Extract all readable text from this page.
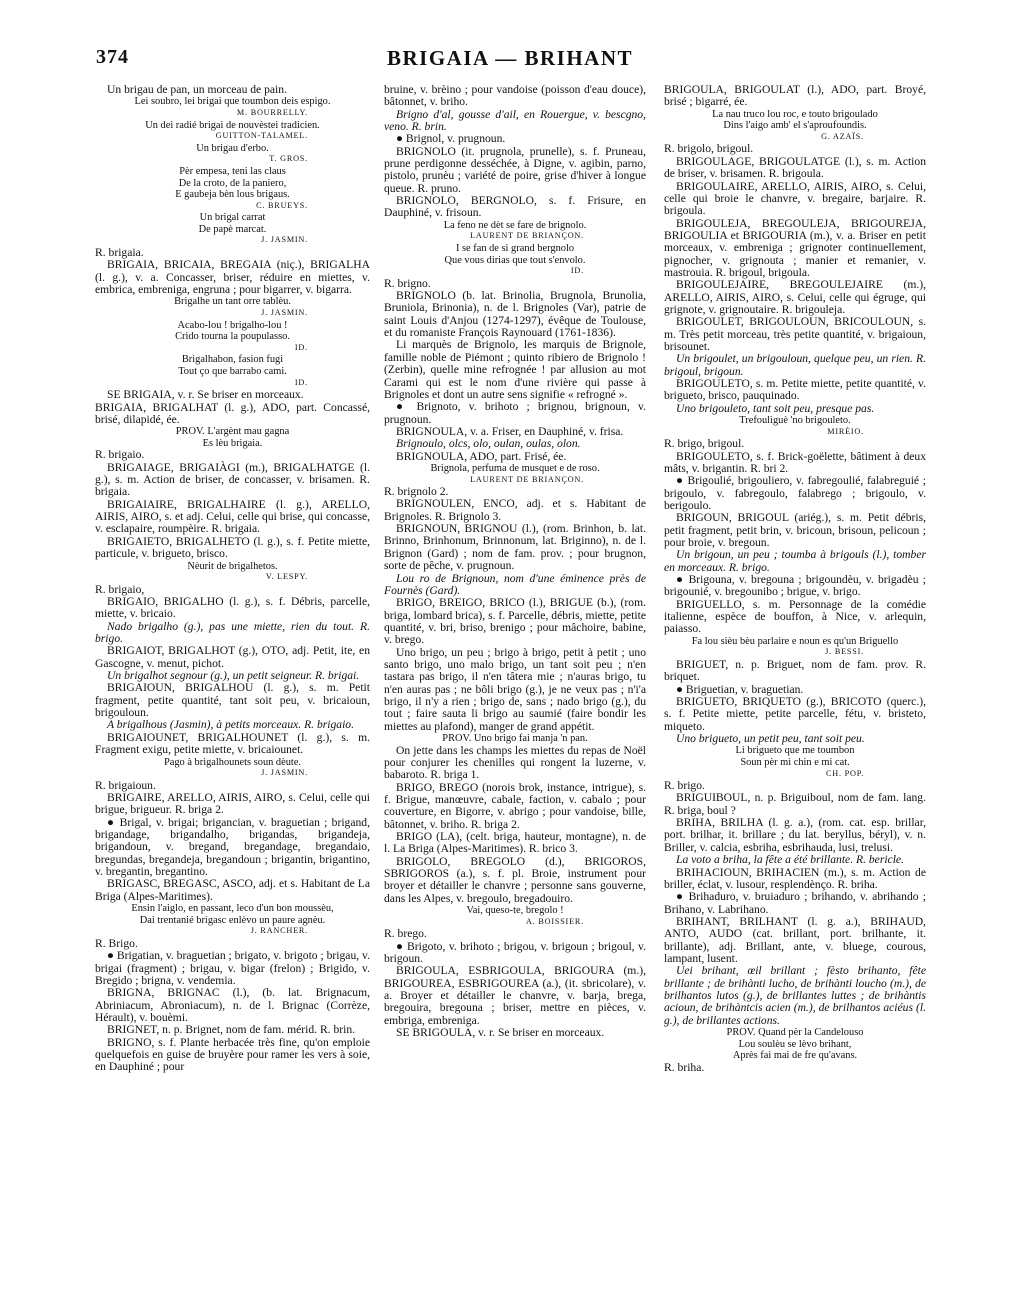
374	BRIGAIA — BRIHANT

Un brigau de pan, un morceau de pain.

Lei soubro, lei brigai que toumbon deis espigo.

M. BOURRELLY.

Un dei radié brigai de nouvèstei tradicien.

GUITTON-TALAMEL.

Un brigau d'erbo.

T. GROS.

Pèr empesa, teni las claus

De la croto, de la paniero,

E gaubeja bèn lous brigaus.

C. BRUEYS.

Un brigal carrat

De papè marcat.

J. JASMIN.

R. brigaia.

BRIGAIA, BRICAIA, BREGAIA (niç.), BRIGALHA (l. g.), v. a. Concasser, briser, réduire en miettes, v. embrica, embreniga, engruna ; pour bigarrer, v. bigarra.

Brigalhe un tant orre tablèu.

J. JASMIN.

Acabo-lou ! brigalho-lou !

Crido tourna la poupulasso.

ID.

Brigalhabon, fasion fugi

Tout ço que barrabo cami.

ID.

SE BRIGAIA, v. r. Se briser en morceaux.

BRIGAIA, BRIGALHAT (l. g.), ADO, part. Concassé, brisé, dilapidé, ée.

PROV. L'argènt mau gagna

Es lèu brigaia.

R. brigaio.

BRIGAIAGE, BRIGAIÀGI (m.), BRIGALHATGE (l. g.), s. m. Action de briser, de concasser, v. brisamen. R. brigaia.

BRIGAIAIRE, BRIGALHAIRE (l. g.), ARELLO, AIRIS, AIRO, s. et adj. Celui, celle qui brise, qui concasse, v. esclapaire, roumpèire. R. brigaia.

BRIGAIETO, BRIGALHETO (l. g.), s. f. Petite miette, particule, v. brigueto, brisco.

Nèurit de brigalhetos.

V. LESPY.

R. brigaio,

BRIGAIO, BRIGALHO (l. g.), s. f. Débris, parcelle, miette, v. bricaio.

Nado brigalho (g.), pas une miette, rien du tout. R. brigo.

BRIGAIOT, BRIGALHOT (g.), OTO, adj. Petit, ite, en Gascogne, v. menut, pichot.

Un brigalhot segnour (g.), un petit seigneur. R. brigai.

BRIGAIOUN, BRIGALHOU (l. g.), s. m. Petit fragment, petite quantité, tant soit peu, v. bricaioun, brigouloun.

A brigalhous (Jasmin), à petits morceaux. R. brigaio.

BRIGAIOUNET, BRIGALHOUNET (l. g.), s. m. Fragment exigu, petite miette, v. bricaiounet.

Pago à brigalhounets soun dèute.

J. JASMIN.

R. brigaioun.

BRIGAIRE, ARELLO, AIRIS, AIRO, s. Celui, celle qui brigue, brigueur. R. briga 2.

● Brigal, v. brigai; brigancian, v. braguetian ; brigand, brigandage, brigandalho, brigandas, brigandeja, brigandoun, v. bregand, bregandage, bregandaio, bregundas, bregandeja, bregandoun ; brigantin, brigantino, v. bregantin, bregantino.

BRIGASC, BREGASC, ASCO, adj. et s. Habitant de La Briga (Alpes-Maritimes).

Ensin l'aiglo, en passant, leco d'un bon moussèu,

Dai trentanié brigasc enlèvo un paure agnèu.

J. RANCHER.

R. Brigo.

● Brigatian, v. braguetian ; brigato, v. brigoto ; brigau, v. brigai (fragment) ; brigau, v. bigar (frelon) ; Brigido, v. Bregido ; brigna, v. vendemia.

BRIGNA, BRIGNAC (l.), (b. lat. Brignacum, Abriniacum, Abroniacum), n. de l. Brignac (Corrèze, Hérault), v. bouèmi.

BRIGNET, n. p. Brignet, nom de fam. mérid. R. brin.

BRIGNO, s. f. Plante herbacée très fine, qu'on emploie quelquefois en guise de bruyère pour ramer les vers à soie, en Dauphiné ; pour

bruine, v. brèino ; pour vandoise (poisson d'eau douce), bâtonnet, v. briho.

Brigno d'al, gousse d'ail, en Rouergue, v. bescgno, veno. R. brin.

● Brignol, v. prugnoun.

BRIGNOLO (it. prugnola, prunelle), s. f. Pruneau, prune perdigonne desséchée, à Digne, v. agibin, parno, pistolo, prunèu ; variété de poire, grise d'hiver à longue queue. R. pruno.

BRIGNOLO, BERGNOLO, s. f. Frisure, en Dauphiné, v. frisoun.

La feno ne dèt se fare de brignolo.

LAURENT DE BRIANÇON.

I se fan de si grand bergnolo

Que vous dirias que tout s'envolo.

ID.

R. brigno.

BRIGNOLO (b. lat. Brinolia, Brugnola, Brunolia, Bruniola, Brinonia), n. de l. Brignoles (Var), patrie de saint Louis d'Anjou (1274-1297), évêque de Toulouse, et du romaniste François Raynouard (1761-1836).

Li marquès de Brignolo, les marquis de Brignole, famille noble de Piémont ; quinto ribiero de Brignolo ! (Zerbin), quelle mine refrognée ! par allusion au mot Carami qui est le nom d'une rivière qui passe à Brignoles et dont un autre sens signifie « refrogné ».

● Brignoto, v. brihoto ; brignou, brignoun, v. prugnoun.

BRIGNOULA, v. a. Friser, en Dauphiné, v. frisa.

Brignoulo, olcs, olo, oulan, oulas, olon.

BRIGNOULA, ADO, part. Frisé, ée.

Brignola, perfuma de musquet e de roso.

LAURENT DE BRIANÇON.

R. brignolo 2.

BRIGNOULEN, ENCO, adj. et s. Habitant de Brignoles. R. Brignolo 3.

BRIGNOUN, BRIGNOU (l.), (rom. Brinhon, b. lat. Brinno, Brinhonum, Brinnonum, lat. Briginno), n. de l. Brignon (Gard) ; nom de fam. prov. ; pour brugnon, sorte de pêche, v. prugnoun.

Lou ro de Brignoun, nom d'une éminence près de Fournès (Gard).

BRIGO, BREIGO, BRICO (l.), BRIGUE (b.), (rom. briga, lombard brica), s. f. Parcelle, débris, miette, petite quantité, v. bri, briso, brenigo ; pour mâchoire, babine, v. brego.

Uno brigo, un peu ; brigo à brigo, petit à petit ; uno santo brigo, uno malo brigo, un tant soit peu ; n'en tastara pas brigo, il n'en tâtera mie ; n'auras brigo, tu n'en auras pas ; ne bôli brigo (g.), je ne veux pas ; n'i'a brigo, il n'y a rien ; brigo de, sans ; nado brigo (g.), du tout ; faire sauta li brigo au saumié (faire bondir les miettes au plafond), manger de grand appétit.

PROV. Uno brigo fai manja 'n pan.

On jette dans les champs les miettes du repas de Noël pour conjurer les chenilles qui rongent la luzerne, v. babaroto. R. briga 1.

BRIGO, BREGO (norois brok, instance, intrigue), s. f. Brigue, manœuvre, cabale, faction, v. cabalo ; pour couverture, en Bigorre, v. abrigo ; pour vandoise, bille, bâtonnet, v. briho. R. briga 2.

BRIGO (LA), (celt. briga, hauteur, montagne), n. de l. La Briga (Alpes-Maritimes). R. brico 3.

BRIGOLO, BREGOLO (d.), BRIGOROS, SBRIGOROS (a.), s. f. pl. Broie, instrument pour broyer et détailler le chanvre ; personne sans gouverne, dans les Alpes, v. bregoulo, bregadouiro.

Vai, queso-te, bregolo !

A. BOISSIER.

R. brego.

● Brigoto, v. brihoto ; brigou, v. brigoun ; brigoul, v. brigoun.

BRIGOULA, ESBRIGOULA, BRIGOURA (m.), BRIGOUREA, ESBRIGOUREA (a.), (it. sbricolare), v. a. Broyer et détailler le chanvre, v. barja, brega, bregouira, bregouna ; briser, mettre en pièces, v. embriga, embreniga.

SE BRIGOULA, v. r. Se briser en morceaux.

BRIGOULA, BRIGOULAT (l.), ADO, part. Broyé, brisé ; bigarré, ée.

La nau truco lou roc, e touto brigoulado

Dins l'aigo amb' el s'aproufoundis.

G. AZAÏS.

R. brigolo, brigoul.

BRIGOULAGE, BRIGOULATGE (l.), s. m. Action de briser, v. brisamen. R. brigoula.

BRIGOULAIRE, ARELLO, AIRIS, AIRO, s. Celui, celle qui broie le chanvre, v. bregaire, barjaire. R. brigoula.

BRIGOULEJA, BREGOULEJA, BRIGOUREJA, BRIGOULIA et BRIGOURIA (m.), v. a. Briser en petit morceaux, v. embreniga ; grignoter continuellement, pignocher, v. grignouta ; manier et remanier, v. mastrouia. R. brigoul, brigoula.

BRIGOULEJAIRE, BREGOULEJAIRE (m.), ARELLO, AIRIS, AIRO, s. Celui, celle qui égruge, qui grignote, v. grignoutaire. R. brigouleja.

BRIGOULET, BRIGOULOUN, BRICOULOUN, s. m. Très petit morceau, très petite quantité, v. brigaioun, brisounet.

Un brigoulet, un brigouloun, quelque peu, un rien. R. brigoul, brigoun.

BRIGOULETO, s. m. Petite miette, petite quantité, v. brigueto, brisco, pauquinado.

Uno brigouleto, tant soit peu, presque pas.

Trefoulìguè 'no brigouleto.

MIRÈIO.

R. brigo, brigoul.

BRIGOULETO, s. f. Brick-goëlette, bâtiment à deux mâts, v. brigantin. R. bri 2.

● Brigoulié, brigouliero, v. fabregoulié, falabreguié ; brigoulo, v. fabregoulo, falabrego ; brigoulo, v. berigoulo.

BRIGOUN, BRIGOUL (ariég.), s. m. Petit débris, petit fragment, petit brin, v. bricoun, brisoun, pelicoun ; pour broie, v. bregoun.

Un brigoun, un peu ; toumba à brigouls (l.), tomber en morceaux. R. brigo.

● Brigouna, v. bregouna ; brigoundèu, v. brigadèu ; brigounié, v. bregounibo ; brigue, v. brigo.

BRIGUELLO, s. m. Personnage de la comédie italienne, espèce de bouffon, à Nice, v. arlequin, paiasso.

Fa lou sièu bèu parlaire e noun es qu'un Briguello

J. BESSI.

BRIGUET, n. p. Briguet, nom de fam. prov. R. briquet.

● Briguetian, v. braguetian.

BRIGUETO, BRIQUETO (g.), BRICOTO (querc.), s. f. Petite miette, petite parcelle, fétu, v. bristeto, miqueto.

Uno brigueto, un petit peu, tant soit peu.

Li brigueto que me toumbon

Soun pèr mi chin e mi cat.

CH. POP.

R. brigo.

BRIGUIBOUL, n. p. Briguiboul, nom de fam. lang. R. briga, boul ?

BRIHA, BRILHA (l. g. a.), (rom. cat. esp. brillar, port. brilhar, it. brillare ; du lat. beryllus, béryl), v. n. Briller, v. calcia, esbriha, esbrihauda, lusi, trelusi.

La voto a briha, la fête a été brillante. R. bericle.

BRIHACIOUN, BRIHACIEN (m.), s. m. Action de briller, éclat, v. lusour, resplendènço. R. briha.

● Brihaduro, v. bruiaduro ; brihando, v. abrihando ; Brihano, v. Labrihano.

BRIHANT, BRILHANT (l. g. a.), BRIHAUD, ANTO, AUDO (cat. brillant, port. brilhante, it. brillante), adj. Brillant, ante, v. bluege, courous, lampant, lusent.

Uei brihant, œil brillant ; fèsto brihanto, fête brillante ; de brihànti lucho, de brihànti loucho (m.), de brilhantos lutos (g.), de brillantes luttes ; de brihàntis acioun, de brihàntcis acien (m.), de brilhantos aciéus (l. g.), de brillantes actions.

PROV. Quand pèr la Candelouso

Lou soulèu se lèvo brihant,

Après fai mai de fre qu'avans.

R. briha.
